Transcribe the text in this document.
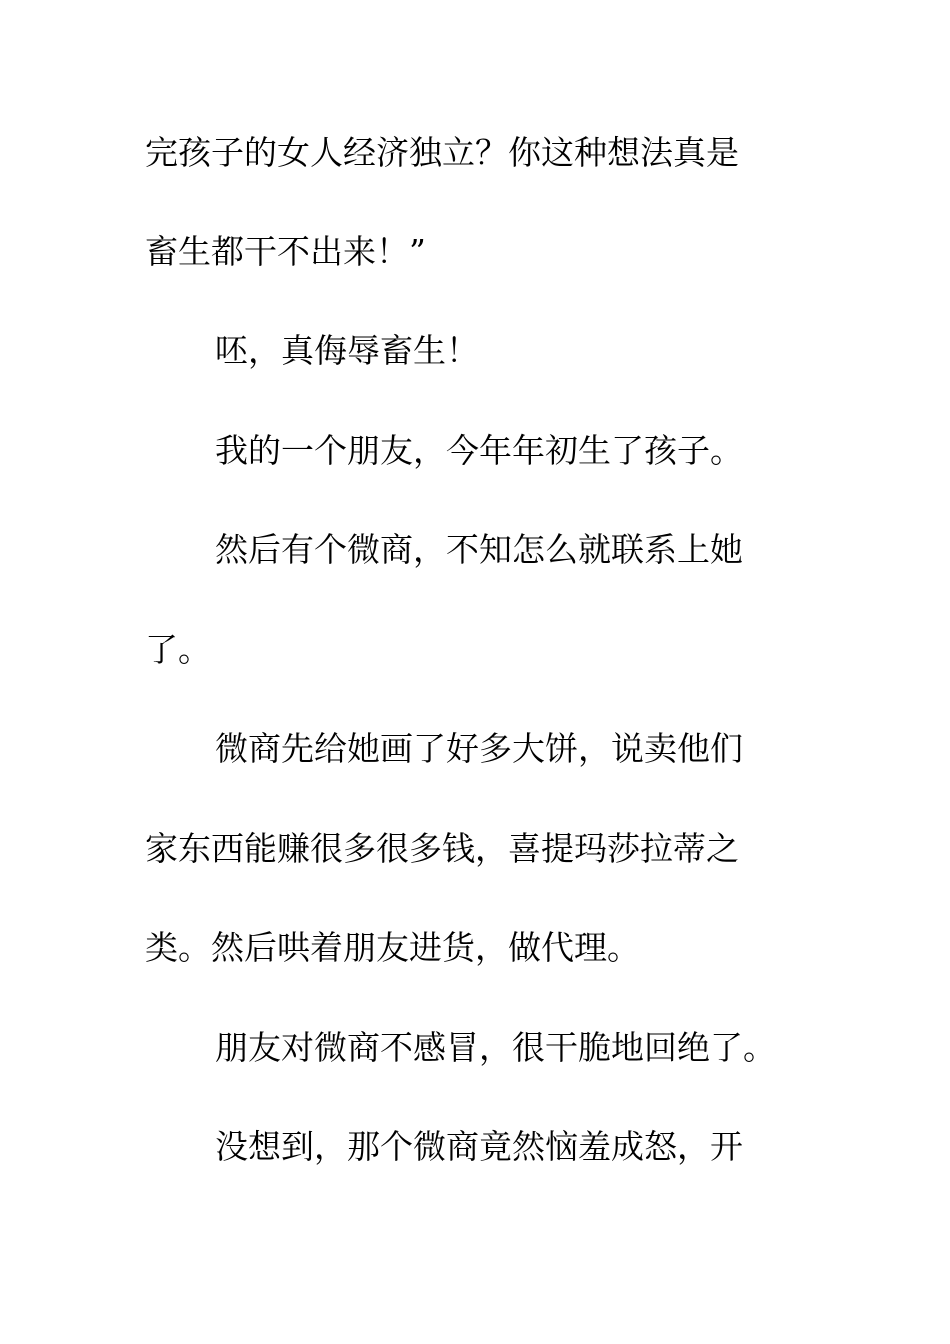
完孩子的女人经济独立？你这种想法真是
畜生都干不出来！”
呸，真侮辱畜生！
我的一个朋友，今年年初生了孩子。
然后有个微商，不知怎么就联系上她
了。
微商先给她画了好多大饼，说卖他们
家东西能赚很多很多钱，喜提玛莎拉蒂之
类。然后哄着朋友进货，做代理。
朋友对微商不感冒，很干脆地回绝了。
没想到，那个微商竟然恼羞成怒，开
